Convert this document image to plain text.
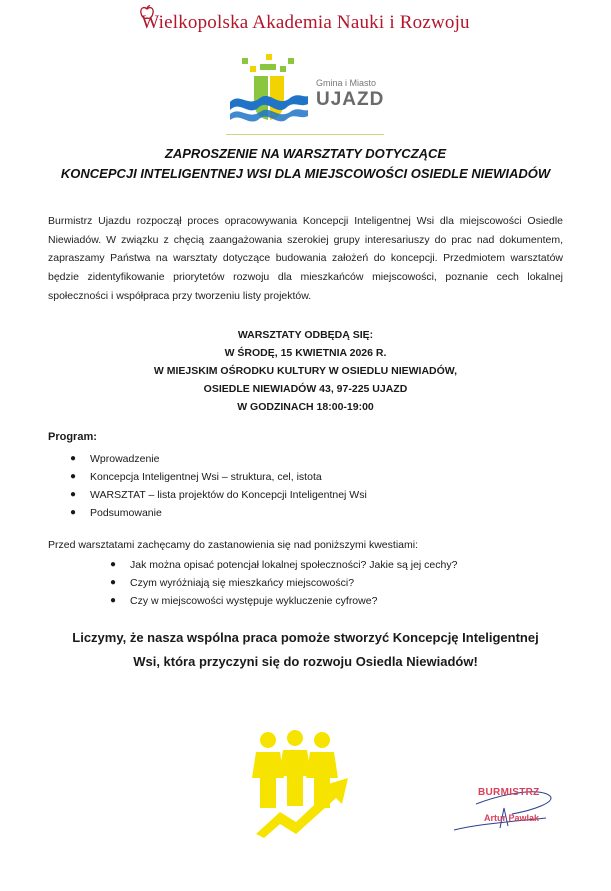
Wielkopolska Akademia Nauki i Rozwoju
Gmina i Miasto
UJAZD
ZAPROSZENIE NA WARSZTATY DOTYCZĄCE
KONCEPCJI INTELIGENTNEJ WSI DLA MIEJSCOWOŚCI OSIEDLE NIEWIADÓW
Burmistrz Ujazdu rozpoczął proces opracowywania Koncepcji Inteligentnej Wsi dla miejscowości Osiedle Niewiadów. W związku z chęcią zaangażowania szerokiej grupy interesariuszy do prac nad dokumentem, zapraszamy Państwa na warsztaty dotyczące budowania założeń do koncepcji. Przedmiotem warsztatów będzie zidentyfikowanie priorytetów rozwoju dla mieszkańców miejscowości, poznanie cech lokalnej społeczności i współpraca przy tworzeniu listy projektów.
WARSZTATY ODBĘDĄ SIĘ:
W ŚRODĘ, 15 KWIETNIA 2026 R.
W MIEJSKIM OŚRODKU KULTURY W OSIEDLU NIEWIADÓW,
OSIEDLE NIEWIADÓW 43, 97-225 UJAZD
W GODZINACH 18:00-19:00
Program:
● Wprowadzenie
● Koncepcja Inteligentnej Wsi – struktura, cel, istota
● WARSZTAT – lista projektów do Koncepcji Inteligentnej Wsi
● Podsumowanie
Przed warsztatami zachęcamy do zastanowienia się nad poniższymi kwestiami:
● Jak można opisać potencjał lokalnej społeczności? Jakie są jej cechy?
● Czym wyróżniają się mieszkańcy miejscowości?
● Czy w miejscowości występuje wykluczenie cyfrowe?
Liczymy, że nasza wspólna praca pomoże stworzyć Koncepcję Inteligentnej
Wsi, która przyczyni się do rozwoju Osiedla Niewiadów!
BURMISTRZ
Artur Pawlak
